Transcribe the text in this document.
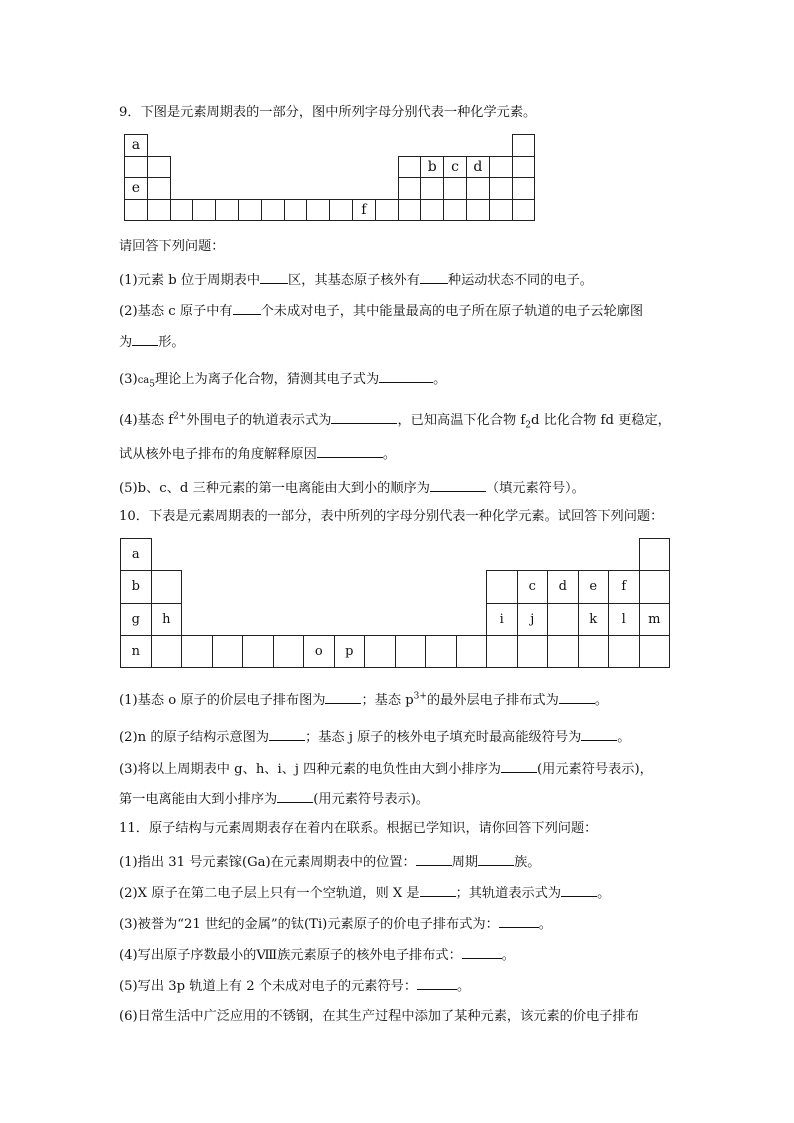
9．下图是元素周期表的一部分，图中所列字母分别代表一种化学元素。
a																	
													b	c	d		
e																	
										f							
请回答下列问题：
(1)元素 b 位于周期表中 区，其基态原子核外有 种运动状态不同的电子。
(2)基态 c 原子中有 个未成对电子，其中能量最高的电子所在原子轨道的电子云轮廓图
为 形。
$(3)ca_5$理论上为离子化合物，猜测其电子式为	。
(4)基态 $f^{2+}$外围电子的轨道表示式为	，已知高温下化合物 $f_2d$ 比化合物 fd 更稳定，
试从核外电子排布的角度解释原因	。
(5)b、c、d 三种元素的第一电离能由大到小的顺序为	（填元素符号）。
10．下表是元素周期表的一部分，表中所列的字母分别代表一种化学元素。试回答下列问题：
a																	
b													c	d	e	f	
g	h											i	j		k	l	m
n						o	p										
(1)基态 o 原子的价层电子排布图为	；基态 $p^{3+}$的最外层电子排布式为	。
(2)n 的原子结构示意图为	；基态 j 原子的核外电子填充时最高能级符号为	。
(3)将以上周期表中 g、h、i、j 四种元素的电负性由大到小排序为	(用元素符号表示)，
第一电离能由大到小排序为	(用元素符号表示)。
11．原子结构与元素周期表存在着内在联系。根据已学知识，请你回答下列问题：
(1)指出 31 号元素镓(Ga)在元素周期表中的位置：	周期	族。
(2)X 原子在第二电子层上只有一个空轨道，则 X 是	；其轨道表示式为	。
(3)被誉为“21 世纪的金属”的钛(Ti)元素原子的价电子排布式为：	。
(4)写出原子序数最小的Ⅷ族元素原子的核外电子排布式：	。
(5)写出 3p 轨道上有 2 个未成对电子的元素符号：	。
(6)日常生活中广泛应用的不锈钢，在其生产过程中添加了某种元素，该元素的价电子排布
